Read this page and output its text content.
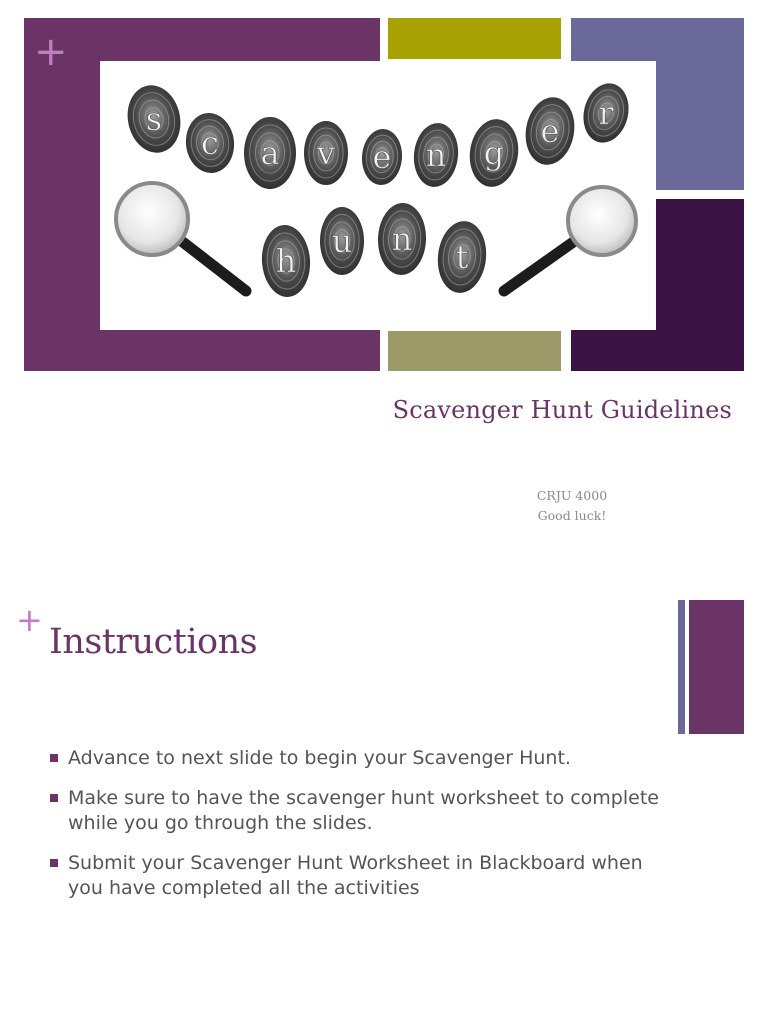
+
s
c a v e n g
e r
h
u n t
Scavenger Hunt Guidelines
CRJU 4000
Good luck!
+
Instructions
Advance to next slide to begin your Scavenger Hunt.
Make sure to have the scavenger hunt worksheet to complete while you go through the slides.
Submit your Scavenger Hunt Worksheet in Blackboard when you have completed all the activities
